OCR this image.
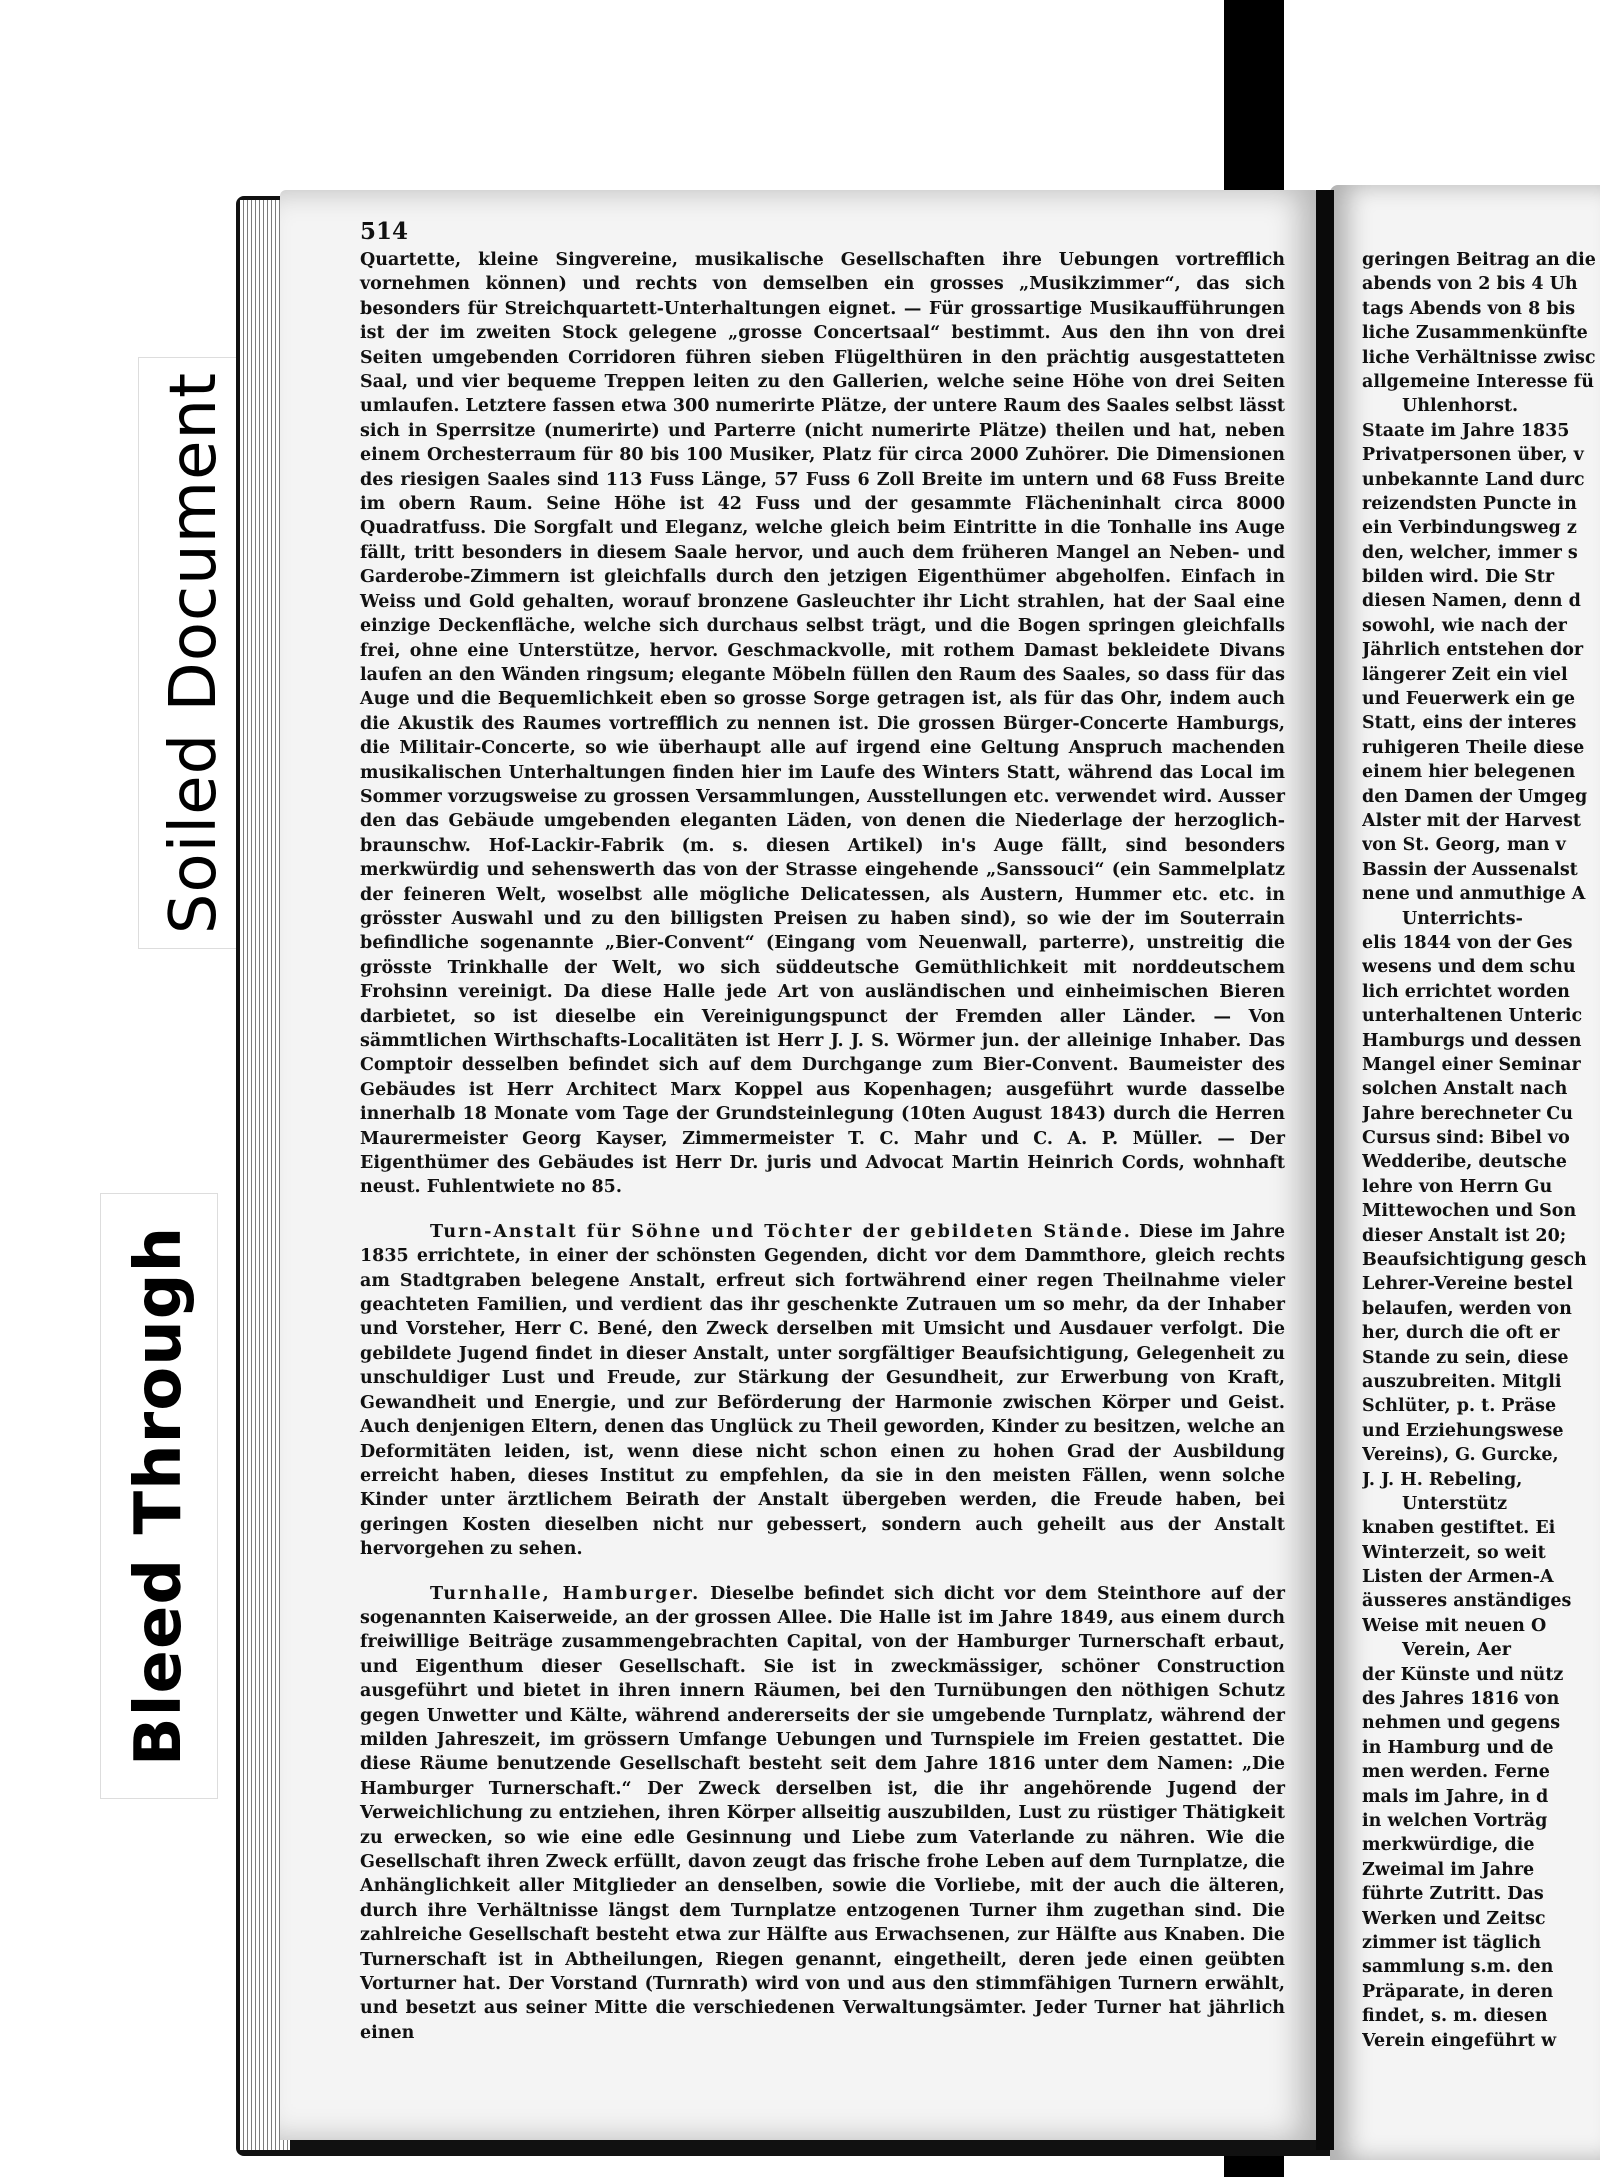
Soiled Document
Bleed Through
514

Quartette, kleine Singvereine, musikalische Gesellschaften ihre Uebungen vortrefflich vornehmen können) und rechts von demselben ein grosses „Musikzimmer“, das sich besonders für Streichquartett-Unterhaltungen eignet. — Für grossartige Musikaufführungen ist der im zweiten Stock gelegene „grosse Concertsaal“ bestimmt. Aus den ihn von drei Seiten umgebenden Corridoren führen sieben Flügelthüren in den prächtig ausgestatteten Saal, und vier bequeme Treppen leiten zu den Gallerien, welche seine Höhe von drei Seiten umlaufen. Letztere fassen etwa 300 numerirte Plätze, der untere Raum des Saales selbst lässt sich in Sperrsitze (numerirte) und Parterre (nicht numerirte Plätze) theilen und hat, neben einem Orchesterraum für 80 bis 100 Musiker, Platz für circa 2000 Zuhörer. Die Dimensionen des riesigen Saales sind 113 Fuss Länge, 57 Fuss 6 Zoll Breite im untern und 68 Fuss Breite im obern Raum. Seine Höhe ist 42 Fuss und der gesammte Flächeninhalt circa 8000 Quadratfuss. Die Sorgfalt und Eleganz, welche gleich beim Eintritte in die Tonhalle ins Auge fällt, tritt besonders in diesem Saale hervor, und auch dem früheren Mangel an Neben- und Garderobe-Zimmern ist gleichfalls durch den jetzigen Eigenthümer abgeholfen. Einfach in Weiss und Gold gehalten, worauf bronzene Gasleuchter ihr Licht strahlen, hat der Saal eine einzige Deckenfläche, welche sich durchaus selbst trägt, und die Bogen springen gleichfalls frei, ohne eine Unterstütze, hervor. Geschmackvolle, mit rothem Damast bekleidete Divans laufen an den Wänden ringsum; elegante Möbeln füllen den Raum des Saales, so dass für das Auge und die Bequemlichkeit eben so grosse Sorge getragen ist, als für das Ohr, indem auch die Akustik des Raumes vortrefflich zu nennen ist. Die grossen Bürger-Concerte Hamburgs, die Militair-Concerte, so wie überhaupt alle auf irgend eine Geltung Anspruch machenden musikalischen Unterhaltungen finden hier im Laufe des Winters Statt, während das Local im Sommer vorzugsweise zu grossen Versammlungen, Ausstellungen etc. verwendet wird. Ausser den das Gebäude umgebenden eleganten Läden, von denen die Niederlage der herzoglich-braunschw. Hof-Lackir-Fabrik (m. s. diesen Artikel) in's Auge fällt, sind besonders merkwürdig und sehenswerth das von der Strasse eingehende „Sanssouci“ (ein Sammelplatz der feineren Welt, woselbst alle mögliche Delicatessen, als Austern, Hummer etc. etc. in grösster Auswahl und zu den billigsten Preisen zu haben sind), so wie der im Souterrain befindliche sogenannte „Bier-Convent“ (Eingang vom Neuenwall, parterre), unstreitig die grösste Trinkhalle der Welt, wo sich süddeutsche Gemüthlichkeit mit norddeutschem Frohsinn vereinigt. Da diese Halle jede Art von ausländischen und einheimischen Bieren darbietet, so ist dieselbe ein Vereinigungspunct der Fremden aller Länder. — Von sämmtlichen Wirthschafts-Localitäten ist Herr J. J. S. Wörmer jun. der alleinige Inhaber. Das Comptoir desselben befindet sich auf dem Durchgange zum Bier-Convent. Baumeister des Gebäudes ist Herr Architect Marx Koppel aus Kopenhagen; ausgeführt wurde dasselbe innerhalb 18 Monate vom Tage der Grundsteinlegung (10ten August 1843) durch die Herren Maurermeister Georg Kayser, Zimmermeister T. C. Mahr und C. A. P. Müller. — Der Eigenthümer des Gebäudes ist Herr Dr. juris und Advocat Martin Heinrich Cords, wohnhaft neust. Fuhlentwiete no 85.

Turn-Anstalt für Söhne und Töchter der gebildeten Stände. Diese im Jahre 1835 errichtete, in einer der schönsten Gegenden, dicht vor dem Dammthore, gleich rechts am Stadtgraben belegene Anstalt, erfreut sich fortwährend einer regen Theilnahme vieler geachteten Familien, und verdient das ihr geschenkte Zutrauen um so mehr, da der Inhaber und Vorsteher, Herr C. Bené, den Zweck derselben mit Umsicht und Ausdauer verfolgt. Die gebildete Jugend findet in dieser Anstalt, unter sorgfältiger Beaufsichtigung, Gelegenheit zu unschuldiger Lust und Freude, zur Stärkung der Gesundheit, zur Erwerbung von Kraft, Gewandheit und Energie, und zur Beförderung der Harmonie zwischen Körper und Geist. Auch denjenigen Eltern, denen das Unglück zu Theil geworden, Kinder zu besitzen, welche an Deformitäten leiden, ist, wenn diese nicht schon einen zu hohen Grad der Ausbildung erreicht haben, dieses Institut zu empfehlen, da sie in den meisten Fällen, wenn solche Kinder unter ärztlichem Beirath der Anstalt übergeben werden, die Freude haben, bei geringen Kosten dieselben nicht nur gebessert, sondern auch geheilt aus der Anstalt hervorgehen zu sehen.

Turnhalle, Hamburger. Dieselbe befindet sich dicht vor dem Steinthore auf der sogenannten Kaiserweide, an der grossen Allee. Die Halle ist im Jahre 1849, aus einem durch freiwillige Beiträge zusammengebrachten Capital, von der Hamburger Turnerschaft erbaut, und Eigenthum dieser Gesellschaft. Sie ist in zweckmässiger, schöner Construction ausgeführt und bietet in ihren innern Räumen, bei den Turnübungen den nöthigen Schutz gegen Unwetter und Kälte, während andererseits der sie umgebende Turnplatz, während der milden Jahreszeit, im grössern Umfange Uebungen und Turnspiele im Freien gestattet. Die diese Räume benutzende Gesellschaft besteht seit dem Jahre 1816 unter dem Namen: „Die Hamburger Turnerschaft.“ Der Zweck derselben ist, die ihr angehörende Jugend der Verweichlichung zu entziehen, ihren Körper allseitig auszubilden, Lust zu rüstiger Thätigkeit zu erwecken, so wie eine edle Gesinnung und Liebe zum Vaterlande zu nähren. Wie die Gesellschaft ihren Zweck erfüllt, davon zeugt das frische frohe Leben auf dem Turnplatze, die Anhänglichkeit aller Mitglieder an denselben, sowie die Vorliebe, mit der auch die älteren, durch ihre Verhältnisse längst dem Turnplatze entzogenen Turner ihm zugethan sind. Die zahlreiche Gesellschaft besteht etwa zur Hälfte aus Erwachsenen, zur Hälfte aus Knaben. Die Turnerschaft ist in Abtheilungen, Riegen genannt, eingetheilt, deren jede einen geübten Vorturner hat. Der Vorstand (Turnrath) wird von und aus den stimmfähigen Turnern erwählt, und besetzt aus seiner Mitte die verschiedenen Verwaltungsämter. Jeder Turner hat jährlich einen

geringen Beitrag an die
abends von 2 bis 4 Uh
tags Abends von 8 bis
liche Zusammenkünfte
liche Verhältnisse zwisc
allgemeine Interesse fü
Uhlenhorst.
Staate im Jahre 1835
Privatpersonen über, v
unbekannte Land durc
reizendsten Puncte in
ein Verbindungsweg z
den, welcher, immer s
bilden wird. Die Str
diesen Namen, denn d
sowohl, wie nach der
Jährlich entstehen dor
längerer Zeit ein viel
und Feuerwerk ein ge
Statt, eins der interes
ruhigeren Theile diese
einem hier belegenen
den Damen der Umgeg
Alster mit der Harvest
von St. Georg, man v
Bassin der Aussenalst
nene und anmuthige A
Unterrichts-
elis 1844 von der Ges
wesens und dem schu
lich errichtet worden
unterhaltenen Unteric
Hamburgs und dessen
Mangel einer Seminar
solchen Anstalt nach
Jahre berechneter Cu
Cursus sind: Bibel vo
Wedderibe, deutsche
lehre von Herrn Gu
Mittewochen und Son
dieser Anstalt ist 20;
Beaufsichtigung gesch
Lehrer-Vereine bestel
belaufen, werden von
her, durch die oft er
Stande zu sein, diese
auszubreiten. Mitgli
Schlüter, p. t. Präse
und Erziehungswese
Vereins), G. Gurcke,
J. J. H. Rebeling,
Unterstütz
knaben gestiftet. Ei
Winterzeit, so weit
Listen der Armen-A
äusseres anständiges
Weise mit neuen O
Verein, Aer
der Künste und nütz
des Jahres 1816 von
nehmen und gegens
in Hamburg und de
men werden. Ferne
mals im Jahre, in d
in welchen Vorträg
merkwürdige, die
Zweimal im Jahre
führte Zutritt. Das
Werken und Zeitsc
zimmer ist täglich
sammlung s.m. den
Präparate, in deren
findet, s. m. diesen
Verein eingeführt w
